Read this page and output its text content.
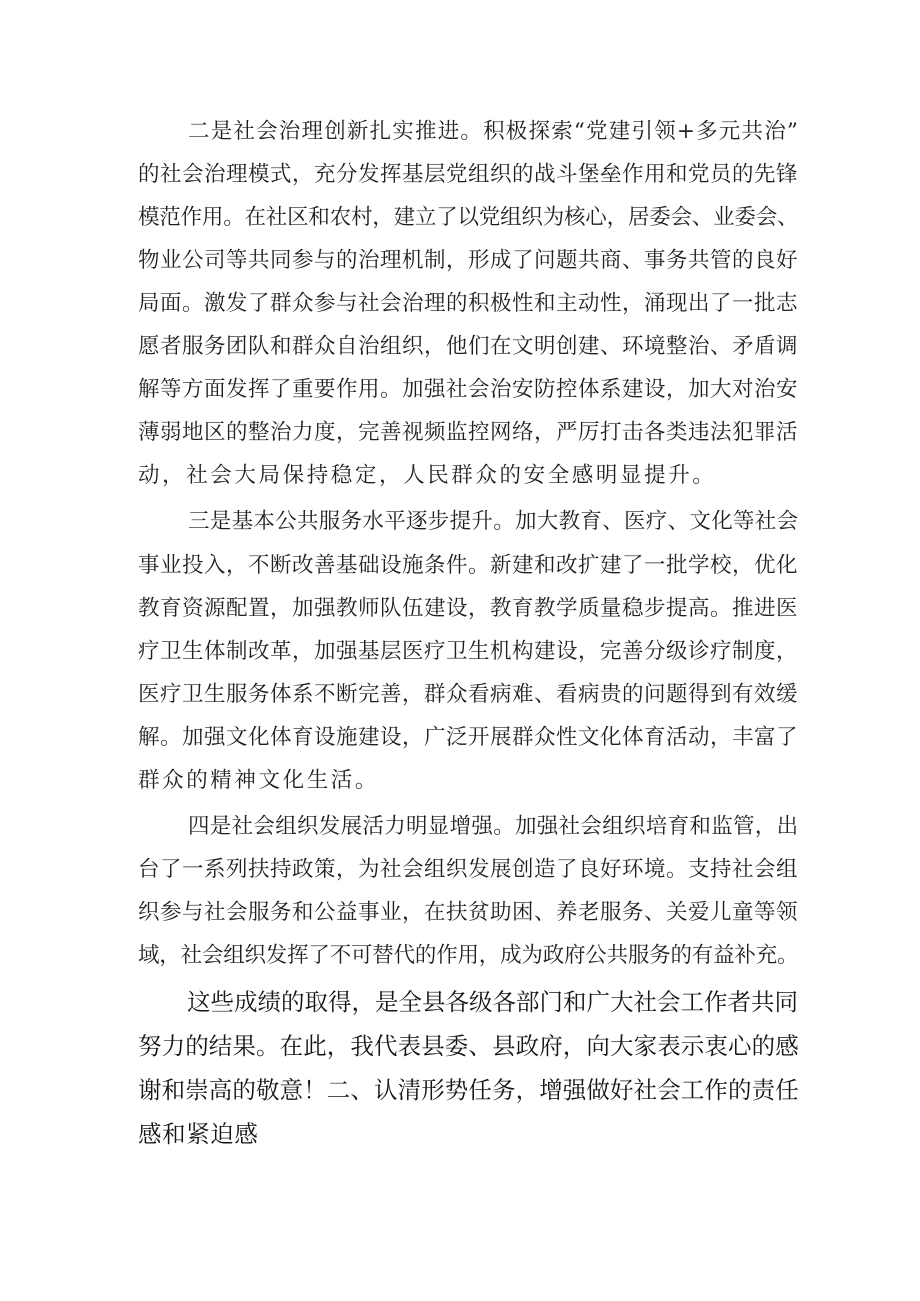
二是社会治理创新扎实推进。积极探索“党建引领+多元共治”
的社会治理模式，充分发挥基层党组织的战斗堡垒作用和党员的先锋
模范作用。在社区和农村，建立了以党组织为核心，居委会、业委会、
物业公司等共同参与的治理机制，形成了问题共商、事务共管的良好
局面。激发了群众参与社会治理的积极性和主动性，涌现出了一批志
愿者服务团队和群众自治组织，他们在文明创建、环境整治、矛盾调
解等方面发挥了重要作用。加强社会治安防控体系建设，加大对治安
薄弱地区的整治力度，完善视频监控网络，严厉打击各类违法犯罪活
动，社会大局保持稳定，人民群众的安全感明显提升。
三是基本公共服务水平逐步提升。加大教育、医疗、文化等社会
事业投入，不断改善基础设施条件。新建和改扩建了一批学校，优化
教育资源配置，加强教师队伍建设，教育教学质量稳步提高。推进医
疗卫生体制改革，加强基层医疗卫生机构建设，完善分级诊疗制度，
医疗卫生服务体系不断完善，群众看病难、看病贵的问题得到有效缓
解。加强文化体育设施建设，广泛开展群众性文化体育活动，丰富了
群众的精神文化生活。
四是社会组织发展活力明显增强。加强社会组织培育和监管，出
台了一系列扶持政策，为社会组织发展创造了良好环境。支持社会组
织参与社会服务和公益事业，在扶贫助困、养老服务、关爱儿童等领
域，社会组织发挥了不可替代的作用，成为政府公共服务的有益补充。
这些成绩的取得，是全县各级各部门和广大社会工作者共同
努力的结果。在此，我代表县委、县政府，向大家表示衷心的感
谢和崇高的敬意！二、认清形势任务，增强做好社会工作的责任
感和紧迫感
